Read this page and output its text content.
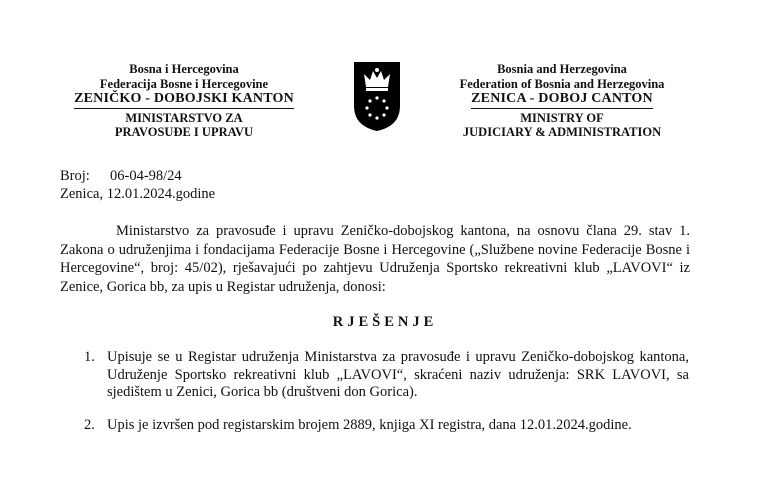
Bosna i Hercegovina
Federacija Bosne i Hercegovine
ZENIČKO - DOBOJSKI KANTON
MINISTARSTVO ZA
PRAVOSUĐE I UPRAVU
Bosnia and Herzegovina
Federation of Bosnia and Herzegovina
ZENICA - DOBOJ CANTON
MINISTRY OF
JUDICIARY & ADMINISTRATION
Broj: 06-04-98/24
Zenica, 12.01.2024.godine

Ministarstvo za pravosuđe i upravu Zeničko-dobojskog kantona, na osnovu člana 29. stav 1. Zakona o udruženjima i fondacijama Federacije Bosne i Hercegovine („Službene novine Federacije Bosne i Hercegovine“, broj: 45/02), rješavajući po zahtjevu Udruženja Sportsko rekreativni klub „LAVOVI“ iz Zenice, Gorica bb, za upis u Registar udruženja, donosi:

RJEŠENJE
1. Upisuje se u Registar udruženja Ministarstva za pravosuđe i upravu Zeničko-dobojskog kantona, Udruženje Sportsko rekreativni klub „LAVOVI“, skraćeni naziv udruženja: SRK LAVOVI, sa sjedištem u Zenici, Gorica bb (društveni don Gorica).
2. Upis je izvršen pod registarskim brojem 2889, knjiga XI registra, dana 12.01.2024.godine.
